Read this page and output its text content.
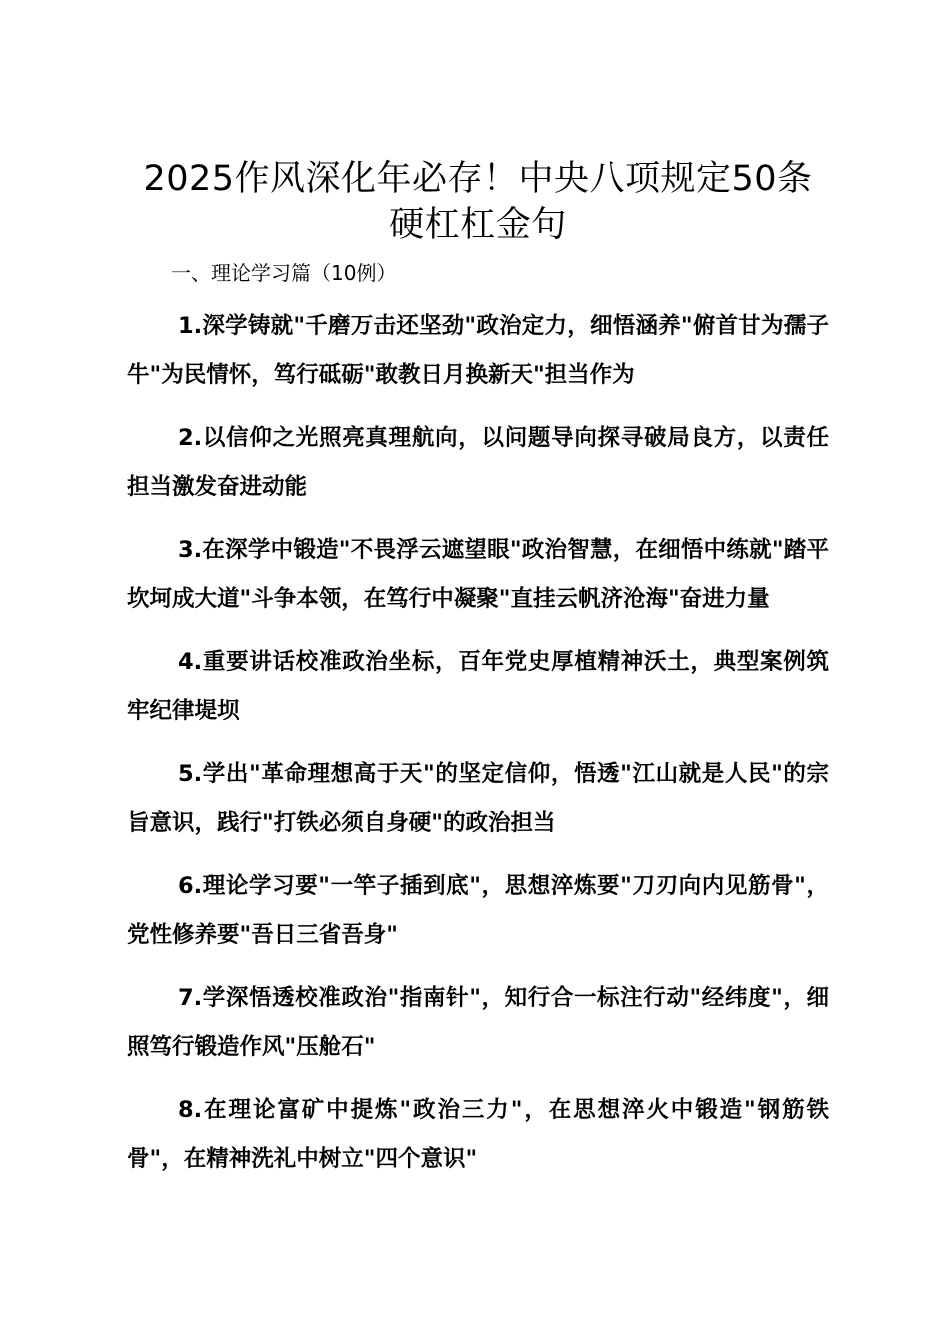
2025作风深化年必存！中央八项规定50条
硬杠杠金句

一、理论学习篇（10例）

1.深学铸就"千磨万击还坚劲"政治定力，细悟涵养"俯首甘为孺子牛"为民情怀，笃行砥砺"敢教日月换新天"担当作为

2.以信仰之光照亮真理航向，以问题导向探寻破局良方，以责任担当激发奋进动能

3.在深学中锻造"不畏浮云遮望眼"政治智慧，在细悟中练就"踏平坎坷成大道"斗争本领，在笃行中凝聚"直挂云帆济沧海"奋进力量

4.重要讲话校准政治坐标，百年党史厚植精神沃土，典型案例筑牢纪律堤坝

5.学出"革命理想高于天"的坚定信仰，悟透"江山就是人民"的宗旨意识，践行"打铁必须自身硬"的政治担当

6.理论学习要"一竿子插到底"，思想淬炼要"刀刃向内见筋骨"，党性修养要"吾日三省吾身"

7.学深悟透校准政治"指南针"，知行合一标注行动"经纬度"，细照笃行锻造作风"压舱石"

8.在理论富矿中提炼"政治三力"，在思想淬火中锻造"钢筋铁骨"，在精神洗礼中树立"四个意识"
